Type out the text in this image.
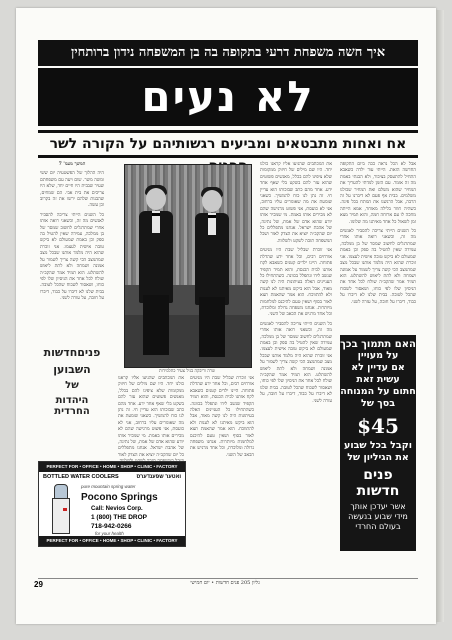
איך חשה משפחת דרעי בתקופה בה בן המשפחה נידון ברותחין
לא נעים
אח ואחות מתבטאים ומביעים רגשותיהם על הקורה לשר

המשך מעמ' 7

היה ההלוך של הפשטעיה יום ששי ומשה משר. שום ויעה עם משפחתם שעיר שבבית היו חיים יחד, שלא היו צריכים את בית אבי. הם שמחים, שהבנות שלהם ירשו את זה בקרוב וכן עשה.

כל השנים הייתי צריכה להסביר לאנשים מה זה, וכשאני רואה אותו אחרי שמתרגלים לחשוב שמסר של בן ממלכה, עמידה שאין להטיל בה ספק וכן באמת שמעולם לא ביקש טובה אישית לעצמו. אני זוכרת שהוא היה מלמד אותנו שבכל מצב שמהמצב הכי קשה צריך לשמור על אמונה ושמחה ולא לתת ליאוש להשתלט. הוא תמיד אמר שהקב״ה שולח לכל אחד את הניסיון שלו לפי כוחו, ושאסור לשכוח שהכל לטובה. בבית שלנו לא דיברו על כבוד, דיברו על חובה, על עזרה לשני.

פניםחדשות
השבוען
של
היהדות החרדית
שרה וריבקה בגיל צעיר כתלמידות

אני זוכרת שבליל שבת היו מגיעים אורחים רבים, וכל אחד ידע שהדלת פתוחה. היינו ילדים קטנים כשאבא לקח אותנו לבית הכנסת, והוא תמיד הקפיד שנשב לידו ונתפלל בכוונה. כשהתחילו כל העניינים האלה בעיתונות היה לנו קשה מאוד, אבל הוא ביקש מאיתנו לא לענות ולא להתווכח. הוא אמר שהאמת תצא לאור בסוף ושאין טעם להיכנס למלחמות מיותרות. אנחנו משפחה גדולה ומלוכדת, וכל אחד מרגיש את הכאב של השני.

את המכתבים שהגיעו אליו קראנו כולנו יחד. היו שם מילים של חיזוק ממקומות שלא ציפינו להם בכלל, מאנשים פשוטים שהוא עזר להם בשקט בלי שאף אחד ידע. אחד מהם כתב שבזכותו הוא עדיין חי. זה נתן לנו כוח להמשיך. כשאני שומעת את מה שאומרים עליו ברחוב, אני לא כועסת, אני פשוט מרגישה שהם לא מכירים אותו באמת. מי שמכיר אותו יודע שהוא אדם של אמת, של נתינה, של אהבת ישראל. אנחנו מתפללים כל יום שהקב״ה יוציא את הצדק לאור

את המכתבים שהגיעו אליו קראנו כולנו יחד. היו שם מילים של חיזוק ממקומות שלא ציפינו להם בכלל, מאנשים פשוטים שהוא עזר להם בשקט בלי שאף אחד ידע. אחד מהם כתב שבזכותו הוא עדיין חי. זה נתן לנו כוח להמשיך. כשאני שומעת את מה שאומרים עליו ברחוב, אני לא כועסת, אני פשוט מרגישה שהם לא מכירים אותו באמת. מי שמכיר אותו יודע שהוא אדם של אמת, של נתינה, של אהבת ישראל. אנחנו מתפללים כל יום שהקב״ה יוציא את הצדק לאור ושכל המשפחה תזכה לשקט ולשלווה.

אני זוכרת שבליל שבת היו מגיעים אורחים רבים, וכל אחד ידע שהדלת פתוחה. היינו ילדים קטנים כשאבא לקח אותנו לבית הכנסת, והוא תמיד הקפיד שנשב לידו ונתפלל בכוונה. כשהתחילו כל העניינים האלה בעיתונות היה לנו קשה מאוד, אבל הוא ביקש מאיתנו לא לענות ולא להתווכח. הוא אמר שהאמת תצא לאור בסוף ושאין טעם להיכנס למלחמות מיותרות. אנחנו משפחה גדולה ומלוכדת, וכל אחד מרגיש את הכאב של השני.

כל השנים הייתי צריכה להסביר לאנשים מה זה, וכשאני רואה אותו אחרי שמתרגלים לחשוב שמסר של בן ממלכה, עמידה שאין להטיל בה ספק וכן באמת שמעולם לא ביקש טובה אישית לעצמו. אני זוכרת שהוא היה מלמד אותנו שבכל מצב שמהמצב הכי קשה צריך לשמור על אמונה ושמחה ולא לתת ליאוש להשתלט. הוא תמיד אמר שהקב״ה שולח לכל אחד את הניסיון שלו לפי כוחו, ושאסור לשכוח שהכל לטובה. בבית שלנו לא דיברו על כבוד, דיברו על חובה, על עזרה לשני.

אבל לא הכל נראה ככה ביום התקופה החדשה הזאת. הייתי עוד ילדה כשאבא התחיל להתעסק בציבור, ולא הבנתי באמת מה זה אומר. עם הזמן למדתי להעריך את המחיר שהוא משלם ואת המחיר שכולנו משלמים. בבית אף פעם לא דיברנו על זה הרבה, אבל הרגשנו את המתח בכל פינה. כשהיה חוזר בלילה מאוחר, אמא הייתה מחכה לו עם ארוחה חמה, והוא תמיד מצא זמן לשאול כל אחד מאיתנו מה שלומו.

כל השנים הייתי צריכה להסביר לאנשים מה זה, וכשאני רואה אותו אחרי שמתרגלים לחשוב שמסר של בן ממלכה, עמידה שאין להטיל בה ספק וכן באמת שמעולם לא ביקש טובה אישית לעצמו. אני זוכרת שהוא היה מלמד אותנו שבכל מצב שמהמצב הכי קשה צריך לשמור על אמונה ושמחה ולא לתת ליאוש להשתלט. הוא תמיד אמר שהקב״ה שולח לכל אחד את הניסיון שלו לפי כוחו, ושאסור לשכוח שהכל לטובה. בבית שלנו לא דיברו על כבוד, דיברו על חובה, על עזרה לשני.

האם תתמוך בכך
על מעויין
אם עדיין לא
עשית זאת
חתום על המנוחה בסך של
$45
וקבל בכל שבוע את הגיליון של
פנים חדשות
אשר יעדכן אותך
מידי שבוע בנעשה
בעולם החרדי
PERFECT FOR • OFFICE • HOME • SHOP • CLINIC • FACTORY
BOTTLED WATER COOLERS	ואטער שפענדערס
pure mountain spring water
Pocono Springs
Call: Nevios Corp.
1 (800) THE DROP
718-942-0266
for your health
PERFECT FOR • OFFICE • HOME • SHOP • CLINIC • FACTORY
29	גליון 205 פנים חדשות • יום חמישי
